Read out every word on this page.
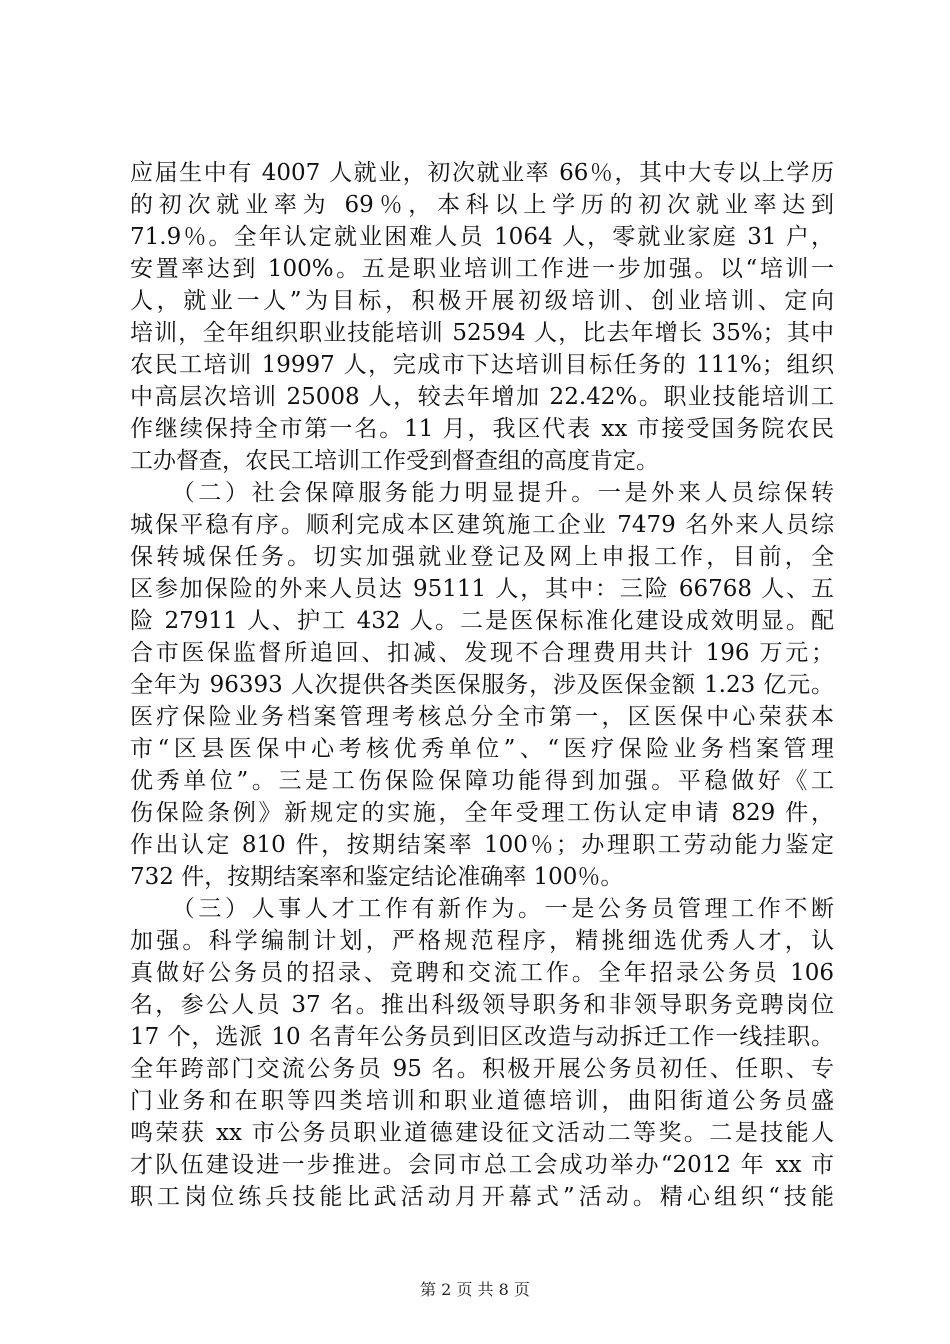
应届生中有 4007 人就业，初次就业率 66％，其中大专以上学历
的初次就业率为 69％，本科以上学历的初次就业率达到
71.9％。全年认定就业困难人员 1064 人，零就业家庭 31 户，
安置率达到 100%。五是职业培训工作进一步加强。以“培训一
人，就业一人”为目标，积极开展初级培训、创业培训、定向
培训，全年组织职业技能培训 52594 人，比去年增长 35%；其中
农民工培训 19997 人，完成市下达培训目标任务的 111%；组织
中高层次培训 25008 人，较去年增加 22.42%。职业技能培训工
作继续保持全市第一名。11 月，我区代表 xx 市接受国务院农民
工办督查，农民工培训工作受到督查组的高度肯定。
　　（二）社会保障服务能力明显提升。一是外来人员综保转
城保平稳有序。顺利完成本区建筑施工企业 7479 名外来人员综
保转城保任务。切实加强就业登记及网上申报工作，目前，全
区参加保险的外来人员达 95111 人，其中：三险 66768 人、五
险 27911 人、护工 432 人。二是医保标准化建设成效明显。配
合市医保监督所追回、扣减、发现不合理费用共计 196 万元；
全年为 96393 人次提供各类医保服务，涉及医保金额 1.23 亿元。
医疗保险业务档案管理考核总分全市第一，区医保中心荣获本
市“区县医保中心考核优秀单位”、“医疗保险业务档案管理
优秀单位”。三是工伤保险保障功能得到加强。平稳做好《工
伤保险条例》新规定的实施，全年受理工伤认定申请 829 件，
作出认定 810 件，按期结案率 100％；办理职工劳动能力鉴定
732 件，按期结案率和鉴定结论准确率 100％。
　　（三）人事人才工作有新作为。一是公务员管理工作不断
加强。科学编制计划，严格规范程序，精挑细选优秀人才，认
真做好公务员的招录、竞聘和交流工作。全年招录公务员 106
名，参公人员 37 名。推出科级领导职务和非领导职务竞聘岗位
17 个，选派 10 名青年公务员到旧区改造与动拆迁工作一线挂职。
全年跨部门交流公务员 95 名。积极开展公务员初任、任职、专
门业务和在职等四类培训和职业道德培训，曲阳街道公务员盛
鸣荣获 xx 市公务员职业道德建设征文活动二等奖。二是技能人
才队伍建设进一步推进。会同市总工会成功举办“2012 年 xx 市
职工岗位练兵技能比武活动月开幕式”活动。精心组织“技能
第 2 页 共 8 页
